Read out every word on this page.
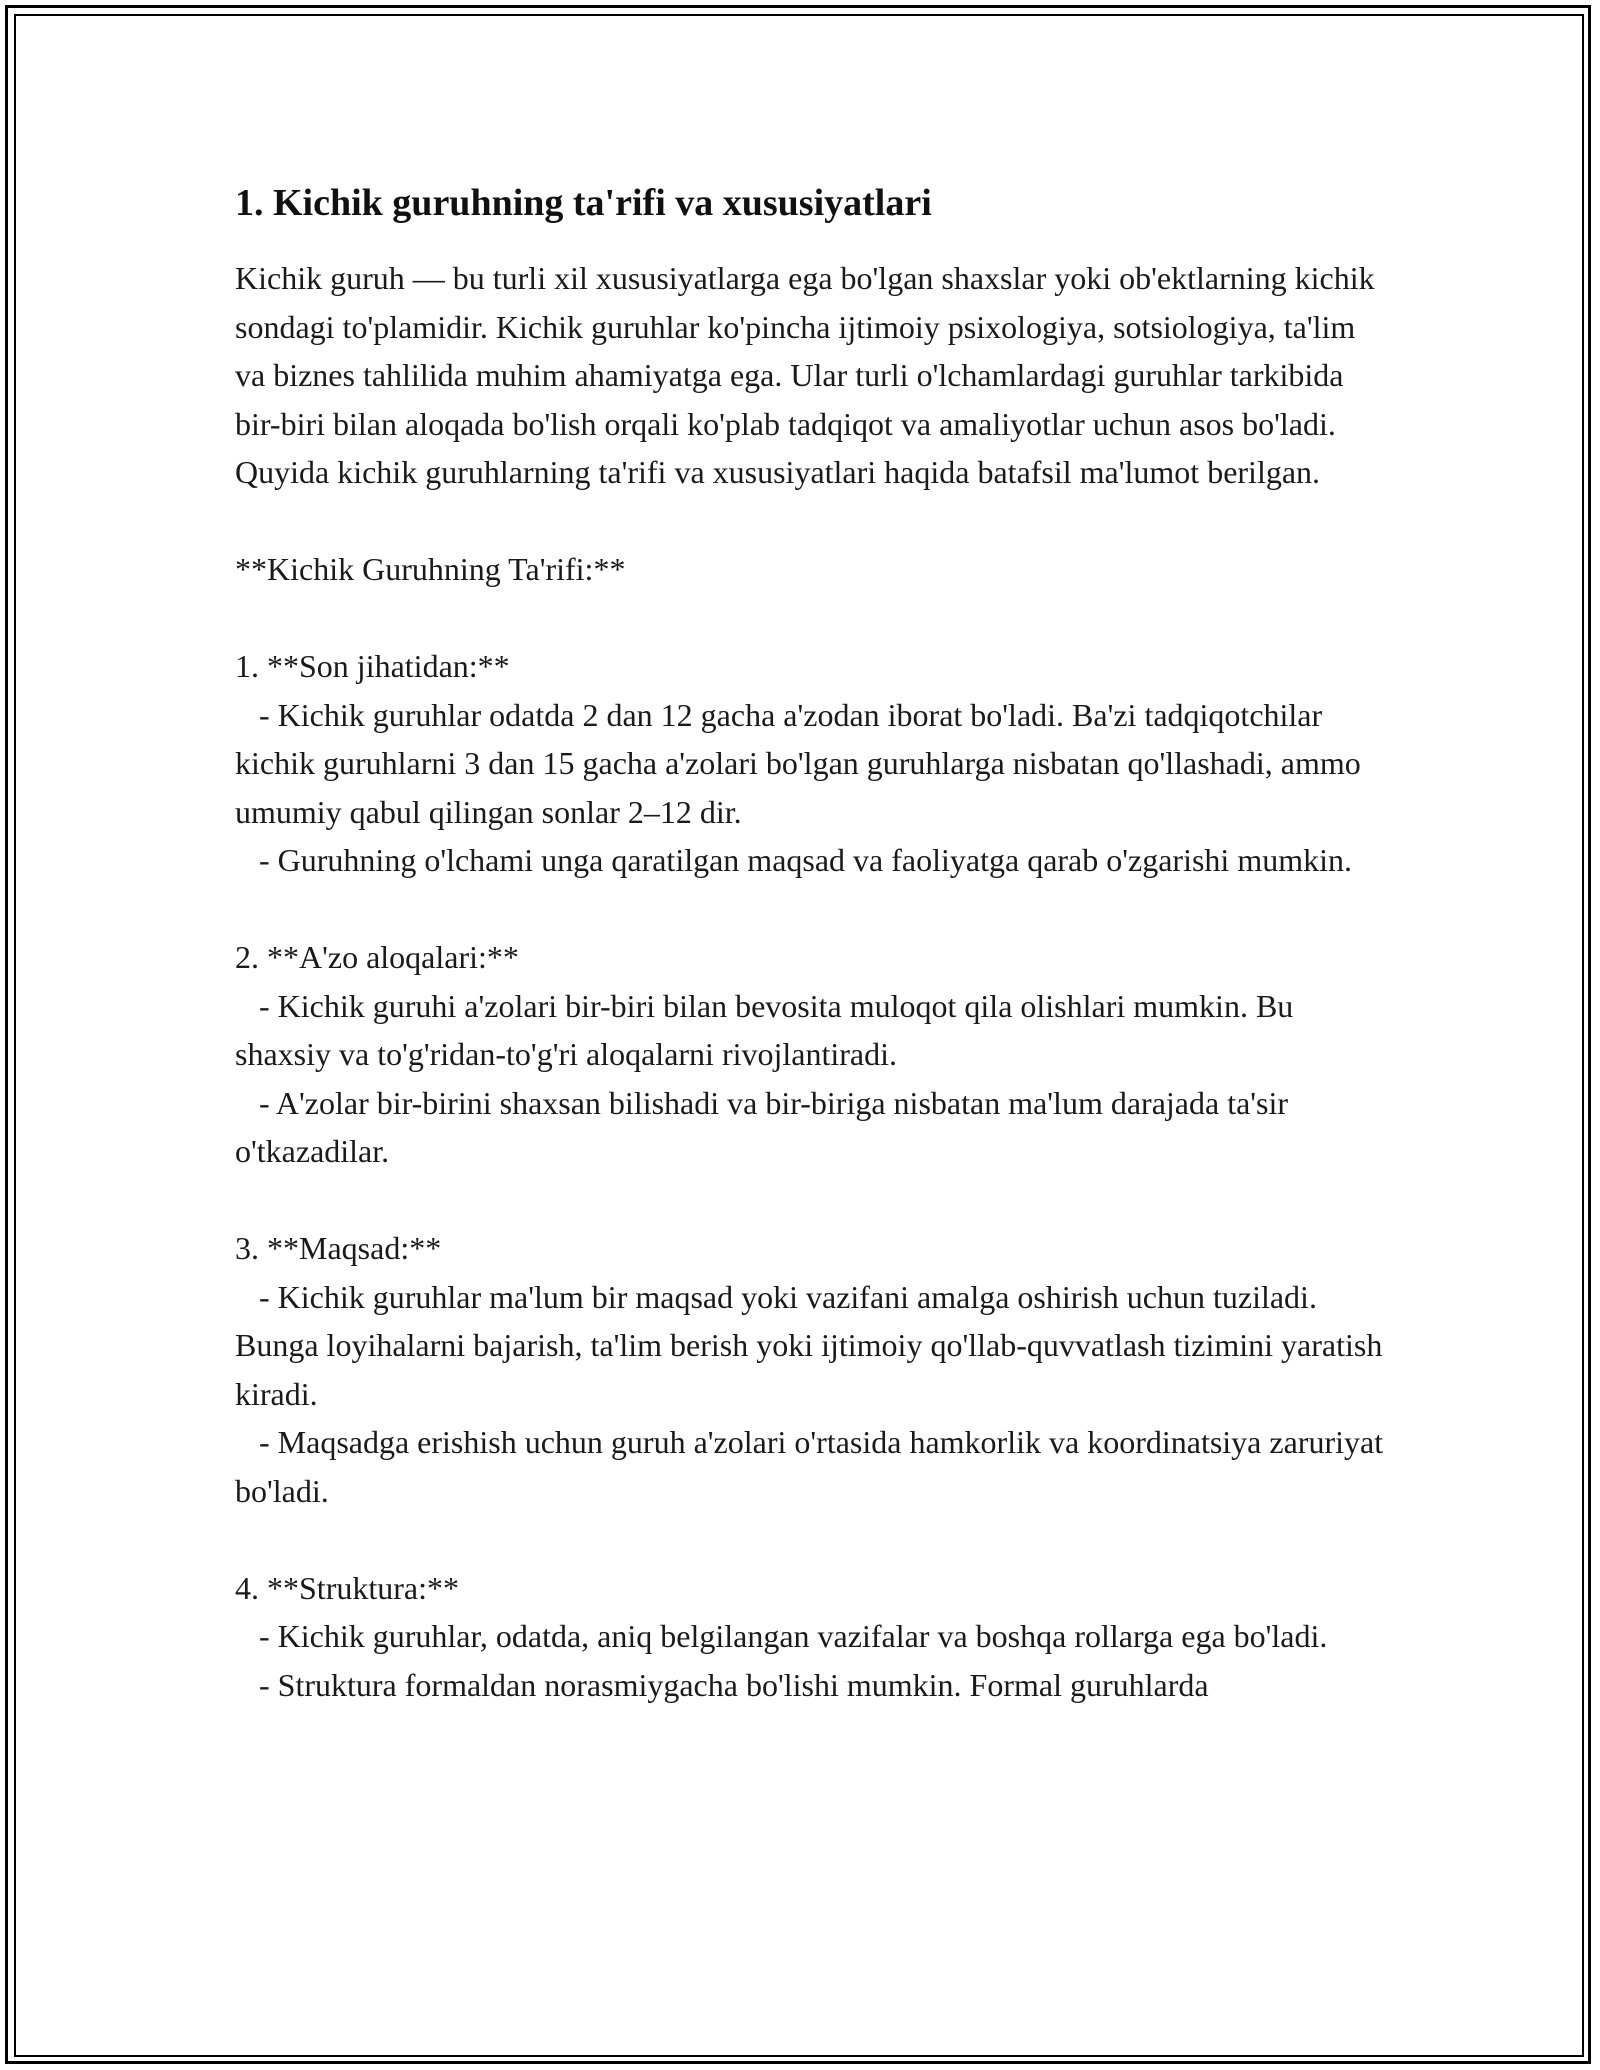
1. Kichik guruhning ta'rifi va xususiyatlari

Kichik guruh — bu turli xil xususiyatlarga ega bo'lgan shaxslar yoki ob'ektlarning kichik sondagi to'plamidir. Kichik guruhlar ko'pincha ijtimoiy psixologiya, sotsiologiya, ta'lim va biznes tahlilida muhim ahamiyatga ega. Ular turli o'lchamlardagi guruhlar tarkibida bir-biri bilan aloqada bo'lish orqali ko'plab tadqiqot va amaliyotlar uchun asos bo'ladi. Quyida kichik guruhlarning ta'rifi va xususiyatlari haqida batafsil ma'lumot berilgan.

**Kichik Guruhning Ta'rifi:**

1. **Son jihatidan:**

- Kichik guruhlar odatda 2 dan 12 gacha a'zodan iborat bo'ladi. Ba'zi tadqiqotchilar kichik guruhlarni 3 dan 15 gacha a'zolari bo'lgan guruhlarga nisbatan qo'llashadi, ammo umumiy qabul qilingan sonlar 2–12 dir.

- Guruhning o'lchami unga qaratilgan maqsad va faoliyatga qarab o'zgarishi mumkin.

2. **A'zo aloqalari:**

- Kichik guruhi a'zolari bir-biri bilan bevosita muloqot qila olishlari mumkin. Bu shaxsiy va to'g'ridan-to'g'ri aloqalarni rivojlantiradi.

- A'zolar bir-birini shaxsan bilishadi va bir-biriga nisbatan ma'lum darajada ta'sir o'tkazadilar.

3. **Maqsad:**

- Kichik guruhlar ma'lum bir maqsad yoki vazifani amalga oshirish uchun tuziladi. Bunga loyihalarni bajarish, ta'lim berish yoki ijtimoiy qo'llab-quvvatlash tizimini yaratish kiradi.

- Maqsadga erishish uchun guruh a'zolari o'rtasida hamkorlik va koordinatsiya zaruriyat bo'ladi.

4. **Struktura:**

- Kichik guruhlar, odatda, aniq belgilangan vazifalar va boshqa rollarga ega bo'ladi.

- Struktura formaldan norasmiygacha bo'lishi mumkin. Formal guruhlarda
